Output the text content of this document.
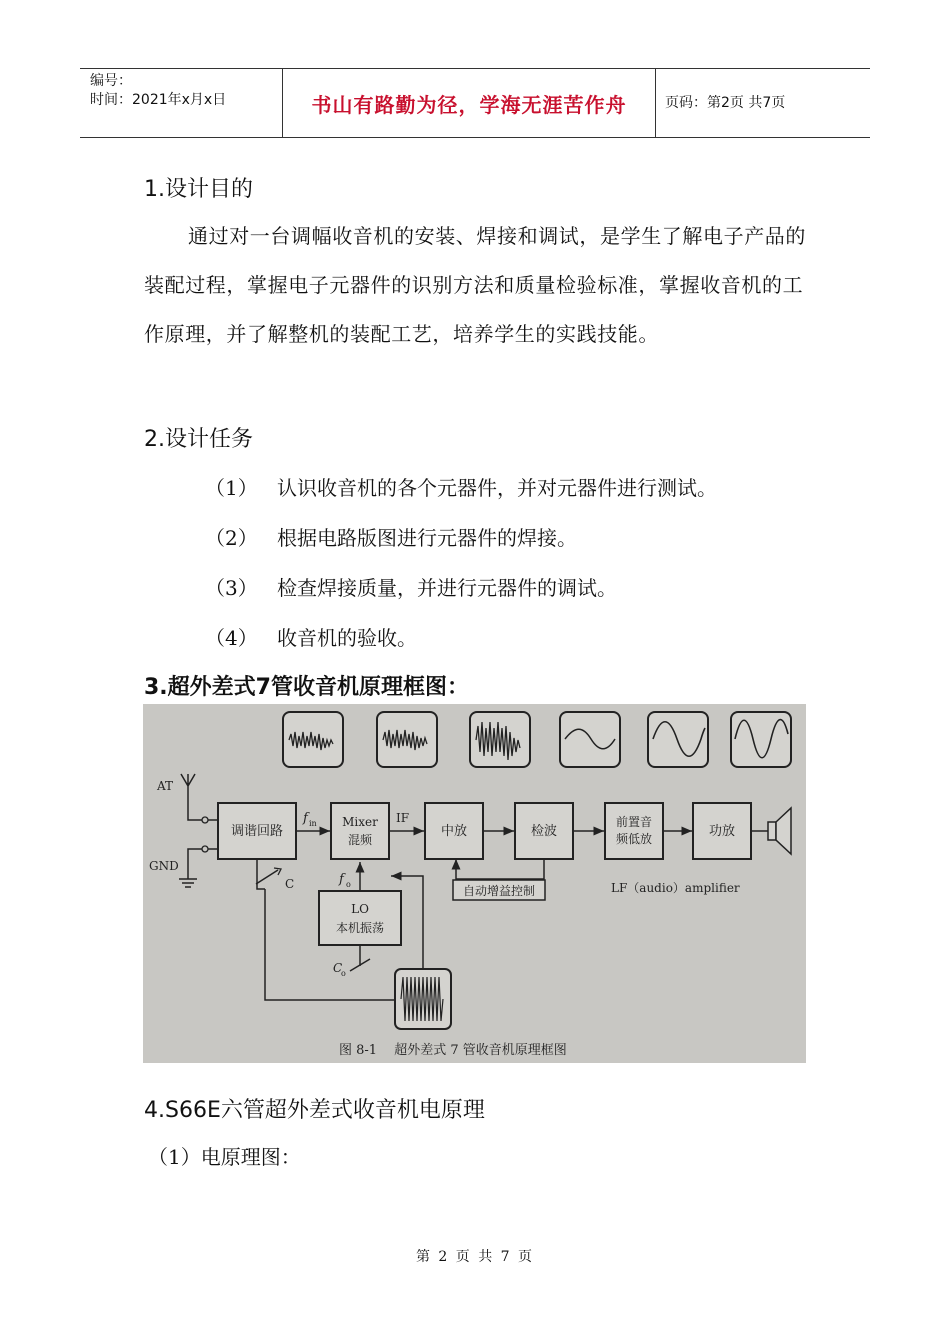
编号：
时间：2021年x月x日	书山有路勤为径，学海无涯苦作舟	页码：第2页 共7页
1.设计目的
通过对一台调幅收音机的安装、焊接和调试，是学生了解电子产品的装配过程，掌握电子元器件的识别方法和质量检验标准，掌握收音机的工作原理，并了解整机的装配工艺，培养学生的实践技能。
2.设计任务
（1） 认识收音机的各个元器件，并对元器件进行测试。
（2） 根据电路版图进行元器件的焊接。
（3） 检查焊接质量，并进行元器件的调试。
（4） 收音机的验收。
3.超外差式7管收音机原理框图：
AT
GND
调谐回路
f in Mixer
混频
IF
中放	检波
前置音
频低放	功放
C
LO
本机振荡
f o
C
o
自动增益控制	LF（audio）amplifier
图 8-1　 超外差式 7 管收音机原理框图
4.S66E六管超外差式收音机电原理
（1）电原理图：
第 2 页 共 7 页
